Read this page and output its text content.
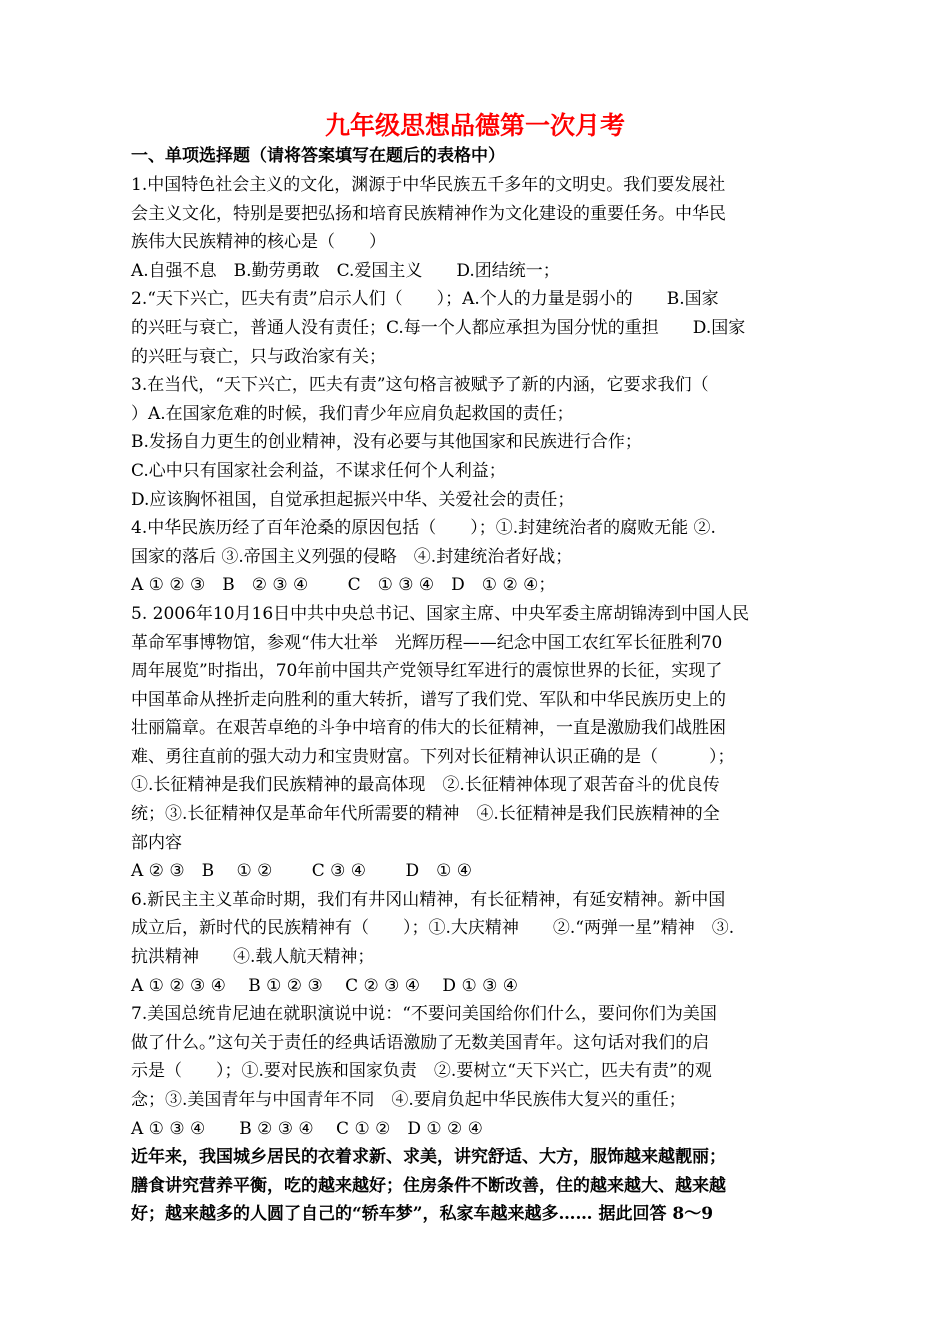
九年级思想品德第一次月考
一、单项选择题（请将答案填写在题后的表格中）
1.中国特色社会主义的文化，渊源于中华民族五千多年的文明史。我们要发展社
会主义文化，特别是要把弘扬和培育民族精神作为文化建设的重要任务。中华民
族伟大民族精神的核心是（　　）
A.自强不息　B.勤劳勇敢　C.爱国主义　　D.团结统一；
2.“天下兴亡，匹夫有责”启示人们（　　）；A.个人的力量是弱小的　　B.国家
的兴旺与衰亡，普通人没有责任；C.每一个人都应承担为国分忧的重担　　D.国家
的兴旺与衰亡，只与政治家有关；
3.在当代，“天下兴亡，匹夫有责”这句格言被赋予了新的内涵，它要求我们（
）A.在国家危难的时候，我们青少年应肩负起救国的责任；
B.发扬自力更生的创业精神，没有必要与其他国家和民族进行合作；
C.心中只有国家社会利益，不谋求任何个人利益；
D.应该胸怀祖国，自觉承担起振兴中华、关爱社会的责任；
4.中华民族历经了百年沧桑的原因包括（　　）；①.封建统治者的腐败无能 ②.
国家的落后 ③.帝国主义列强的侵略　④.封建统治者好战；
A ① ② ③　B　② ③ ④　　 C　① ③ ④　D　① ② ④；
5. 2006年10月16日中共中央总书记、国家主席、中央军委主席胡锦涛到中国人民
革命军事博物馆，参观“伟大壮举　光辉历程——纪念中国工农红军长征胜利70
周年展览”时指出，70年前中国共产党领导红军进行的震惊世界的长征，实现了
中国革命从挫折走向胜利的重大转折，谱写了我们党、军队和中华民族历史上的
壮丽篇章。在艰苦卓绝的斗争中培育的伟大的长征精神，一直是激励我们战胜困
难、勇往直前的强大动力和宝贵财富。下列对长征精神认识正确的是（　　　）；
①.长征精神是我们民族精神的最高体现　②.长征精神体现了艰苦奋斗的优良传
统；③.长征精神仅是革命年代所需要的精神　④.长征精神是我们民族精神的全
部内容
A ② ③　B　 ① ②　　 C ③ ④　　 D　① ④
6.新民主主义革命时期，我们有井冈山精神，有长征精神，有延安精神。新中国
成立后，新时代的民族精神有（　　）；①.大庆精神　　②.“两弹一星”精神　③.
抗洪精神　　④.载人航天精神；
A ① ② ③ ④　 B ① ② ③　 C ② ③ ④　 D ① ③ ④
7.美国总统肯尼迪在就职演说中说：“不要问美国给你们什么，要问你们为美国
做了什么。”这句关于责任的经典话语激励了无数美国青年。这句话对我们的启
示是（　　）；①.要对民族和国家负责　②.要树立“天下兴亡，匹夫有责”的观
念；③.美国青年与中国青年不同　④.要肩负起中华民族伟大复兴的重任；
A ① ③ ④　　B ② ③ ④　 C ① ②　D ① ② ④
近年来，我国城乡居民的衣着求新、求美，讲究舒适、大方，服饰越来越靓丽；
膳食讲究营养平衡，吃的越来越好；住房条件不断改善，住的越来越大、越来越
好；越来越多的人圆了自己的“轿车梦”，私家车越来越多…… 据此回答 8～9
